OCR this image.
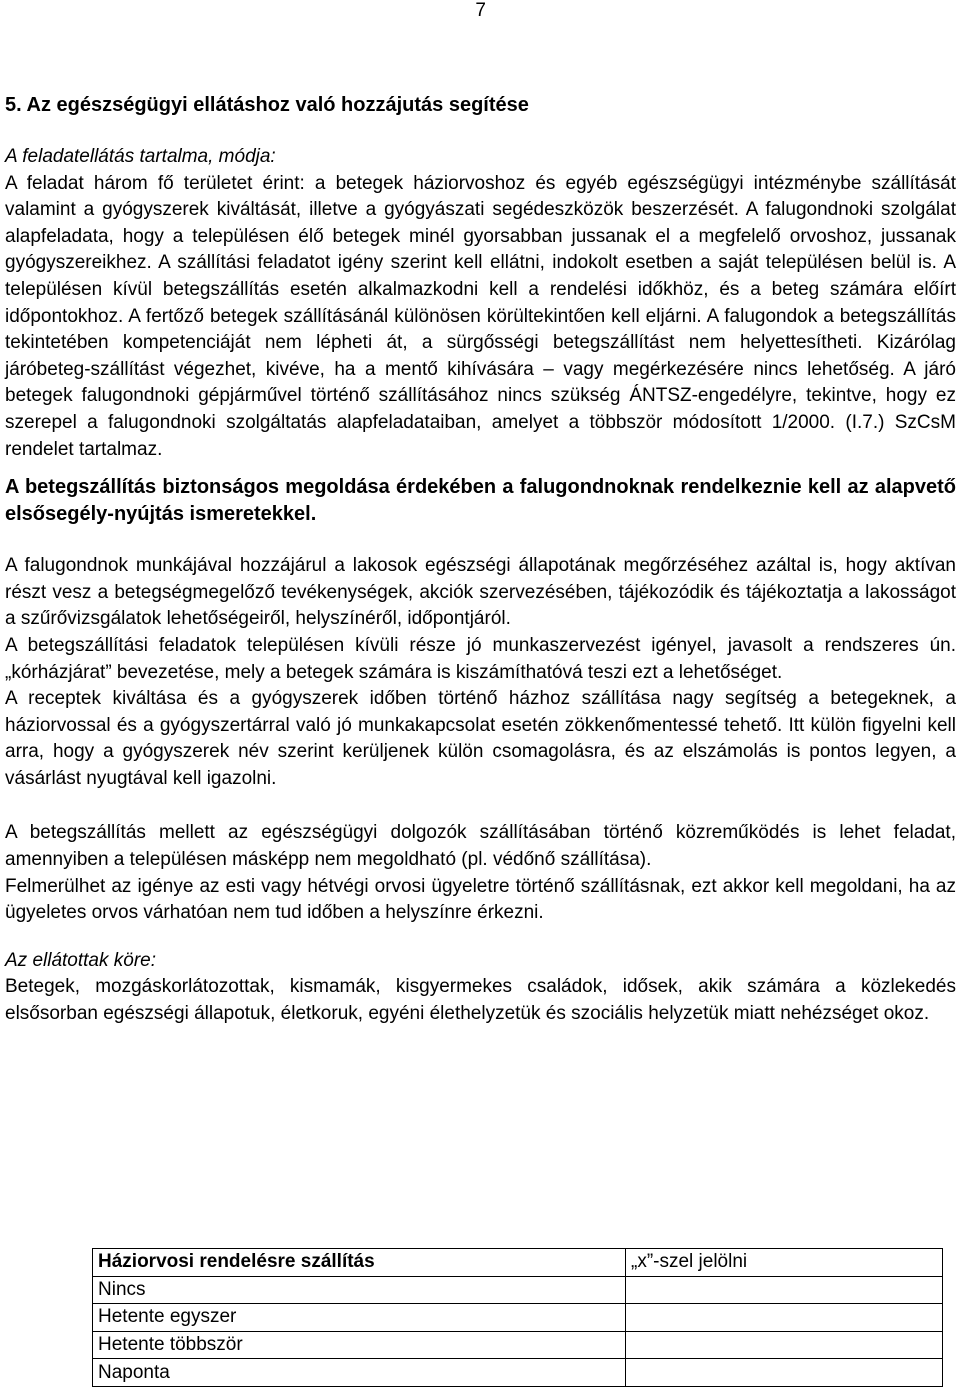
7
5. Az egészségügyi ellátáshoz való hozzájutás segítése
A feladatellátás tartalma, módja:

A feladat három fő területet érint: a betegek háziorvoshoz és egyéb egészségügyi intézménybe szállítását valamint a gyógyszerek kiváltását, illetve a gyógyászati segédeszközök beszerzését. A falugondnoki szolgálat alapfeladata, hogy a településen élő betegek minél gyorsabban jussanak el a megfelelő orvoshoz, jussanak gyógyszereikhez. A szállítási feladatot igény szerint kell ellátni, indokolt esetben a saját településen belül is. A településen kívül betegszállítás esetén alkalmazkodni kell a rendelési időkhöz, és a beteg számára előírt időpontokhoz. A fertőző betegek szállításánál különösen körültekintően kell eljárni. A falugondok a betegszállítás tekintetében kompetenciáját nem lépheti át, a sürgősségi betegszállítást nem helyettesítheti. Kizárólag járóbeteg-szállítást végezhet, kivéve, ha a mentő kihívására – vagy megérkezésére nincs lehetőség. A járó betegek falugondnoki gépjárművel történő szállításához nincs szükség ÁNTSZ-engedélyre, tekintve, hogy ez szerepel a falugondnoki szolgáltatás alapfeladataiban, amelyet a többször módosított 1/2000. (I.7.) SzCsM rendelet tartalmaz.

A betegszállítás biztonságos megoldása érdekében a falugondnoknak rendelkeznie kell az alapvető elsősegély-nyújtás ismeretekkel.

A falugondnok munkájával hozzájárul a lakosok egészségi állapotának megőrzéséhez azáltal is, hogy aktívan részt vesz a betegségmegelőző tevékenységek, akciók szervezésében, tájékozódik és tájékoztatja a lakosságot a szűrővizsgálatok lehetőségeiről, helyszínéről, időpontjáról.

A betegszállítási feladatok településen kívüli része jó munkaszervezést igényel, javasolt a rendszeres ún. „kórházjárat” bevezetése, mely a betegek számára is kiszámíthatóvá teszi ezt a lehetőséget.

A receptek kiváltása és a gyógyszerek időben történő házhoz szállítása nagy segítség a betegeknek, a háziorvossal és a gyógyszertárral való jó munkakapcsolat esetén zökkenőmentessé tehető. Itt külön figyelni kell arra, hogy a gyógyszerek név szerint kerüljenek külön csomagolásra, és az elszámolás is pontos legyen, a vásárlást nyugtával kell igazolni.

A betegszállítás mellett az egészségügyi dolgozók szállításában történő közreműködés is lehet feladat, amennyiben a településen másképp nem megoldható (pl. védőnő szállítása).

Felmerülhet az igénye az esti vagy hétvégi orvosi ügyeletre történő szállításnak, ezt akkor kell megoldani, ha az ügyeletes orvos várhatóan nem tud időben a helyszínre érkezni.

Az ellátottak köre:

Betegek, mozgáskorlátozottak, kismamák, kisgyermekes családok, idősek, akik számára a közlekedés elsősorban egészségi állapotuk, életkoruk, egyéni élethelyzetük és szociális helyzetük miatt nehézséget okoz.

Háziorvosi rendelésre szállítás	„x”-szel jelölni
Nincs	
Hetente egyszer	
Hetente többször	
Naponta	
